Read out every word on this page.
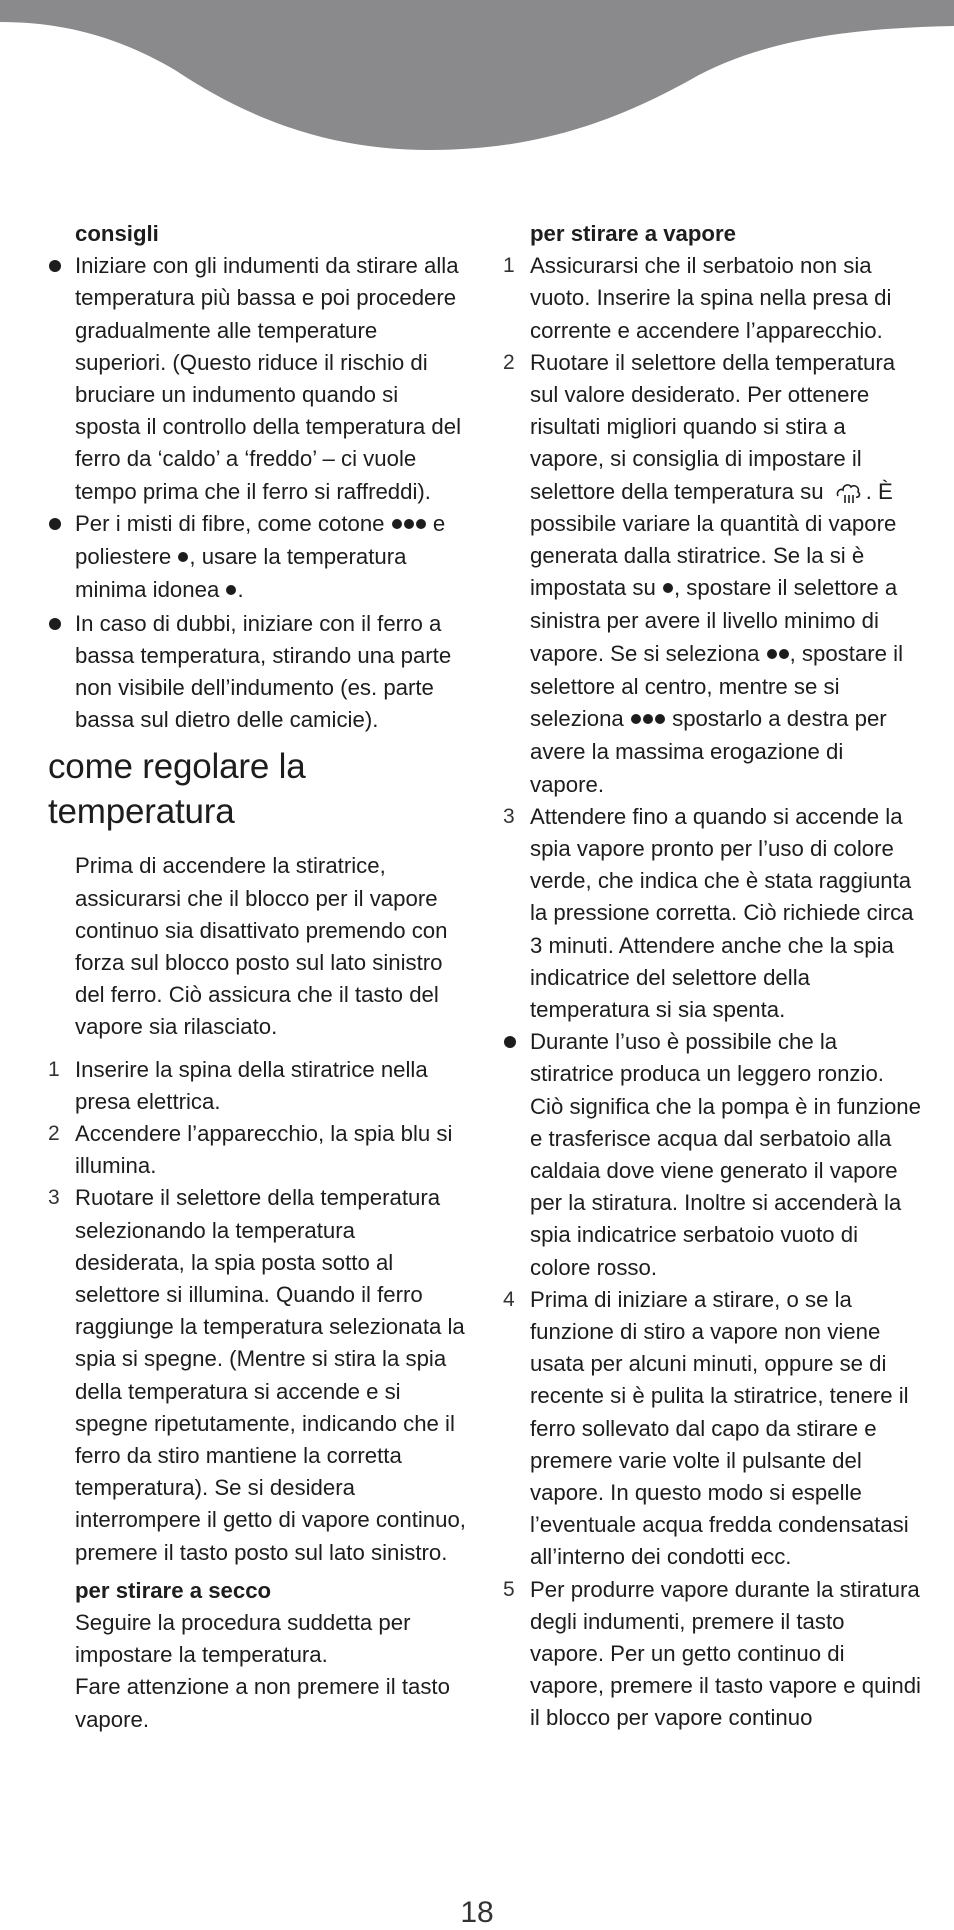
consigli
Iniziare con gli indumenti da stirare alla temperatura più bassa e poi procedere gradualmente alle temperature superiori. (Questo riduce il rischio di bruciare un indumento quando si sposta il controllo della temperatura del ferro da ‘caldo’ a ‘freddo’ – ci vuole tempo prima che il ferro si raffreddi).
Per i misti di fibre, come cotone e poliestere , usare la temperatura minima idonea .
In caso di dubbi, iniziare con il ferro a bassa temperatura, stirando una parte non visibile dell’indumento (es. parte bassa sul dietro delle camicie).
come regolare la temperatura

Prima di accendere la stiratrice, assicurarsi che il blocco per il vapore continuo sia disattivato premendo con forza sul blocco posto sul lato sinistro del ferro. Ciò assicura che il tasto del vapore sia rilasciato.

1 Inserire la spina della stiratrice nella presa elettrica.
2 Accendere l’apparecchio, la spia blu si illumina.
3 Ruotare il selettore della temperatura selezionando la temperatura desiderata, la spia posta sotto al selettore si illumina. Quando il ferro raggiunge la temperatura selezionata la spia si spegne. (Mentre si stira la spia della temperatura si accende e si spegne ripetutamente, indicando che il ferro da stiro mantiene la corretta temperatura). Se si desidera interrompere il getto di vapore continuo, premere il tasto posto sul lato sinistro.
per stirare a secco

Seguire la procedura suddetta per impostare la temperatura.

Fare attenzione a non premere il tasto vapore.

per stirare a vapore
1 Assicurarsi che il serbatoio non sia vuoto. Inserire la spina nella presa di corrente e accendere l’apparecchio.
2 Ruotare il selettore della temperatura sul valore desiderato. Per ottenere risultati migliori quando si stira a vapore, si consiglia di impostare il selettore della temperatura su . È possibile variare la quantità di vapore generata dalla stiratrice. Se la si è impostata su , spostare il selettore a sinistra per avere il livello minimo di vapore. Se si seleziona , spostare il selettore al centro, mentre se si seleziona spostarlo a destra per avere la massima erogazione di vapore.
3 Attendere fino a quando si accende la spia vapore pronto per l’uso di colore verde, che indica che è stata raggiunta la pressione corretta. Ciò richiede circa 3 minuti. Attendere anche che la spia indicatrice del selettore della temperatura si sia spenta.
Durante l’uso è possibile che la stiratrice produca un leggero ronzio. Ciò significa che la pompa è in funzione e trasferisce acqua dal serbatoio alla caldaia dove viene generato il vapore per la stiratura. Inoltre si accenderà la spia indicatrice serbatoio vuoto di colore rosso.
4 Prima di iniziare a stirare, o se la funzione di stiro a vapore non viene usata per alcuni minuti, oppure se di recente si è pulita la stiratrice, tenere il ferro sollevato dal capo da stirare e premere varie volte il pulsante del vapore. In questo modo si espelle l’eventuale acqua fredda condensatasi all’interno dei condotti ecc.
5 Per produrre vapore durante la stiratura degli indumenti, premere il tasto vapore. Per un getto continuo di vapore, premere il tasto vapore e quindi il blocco per vapore continuo
18
